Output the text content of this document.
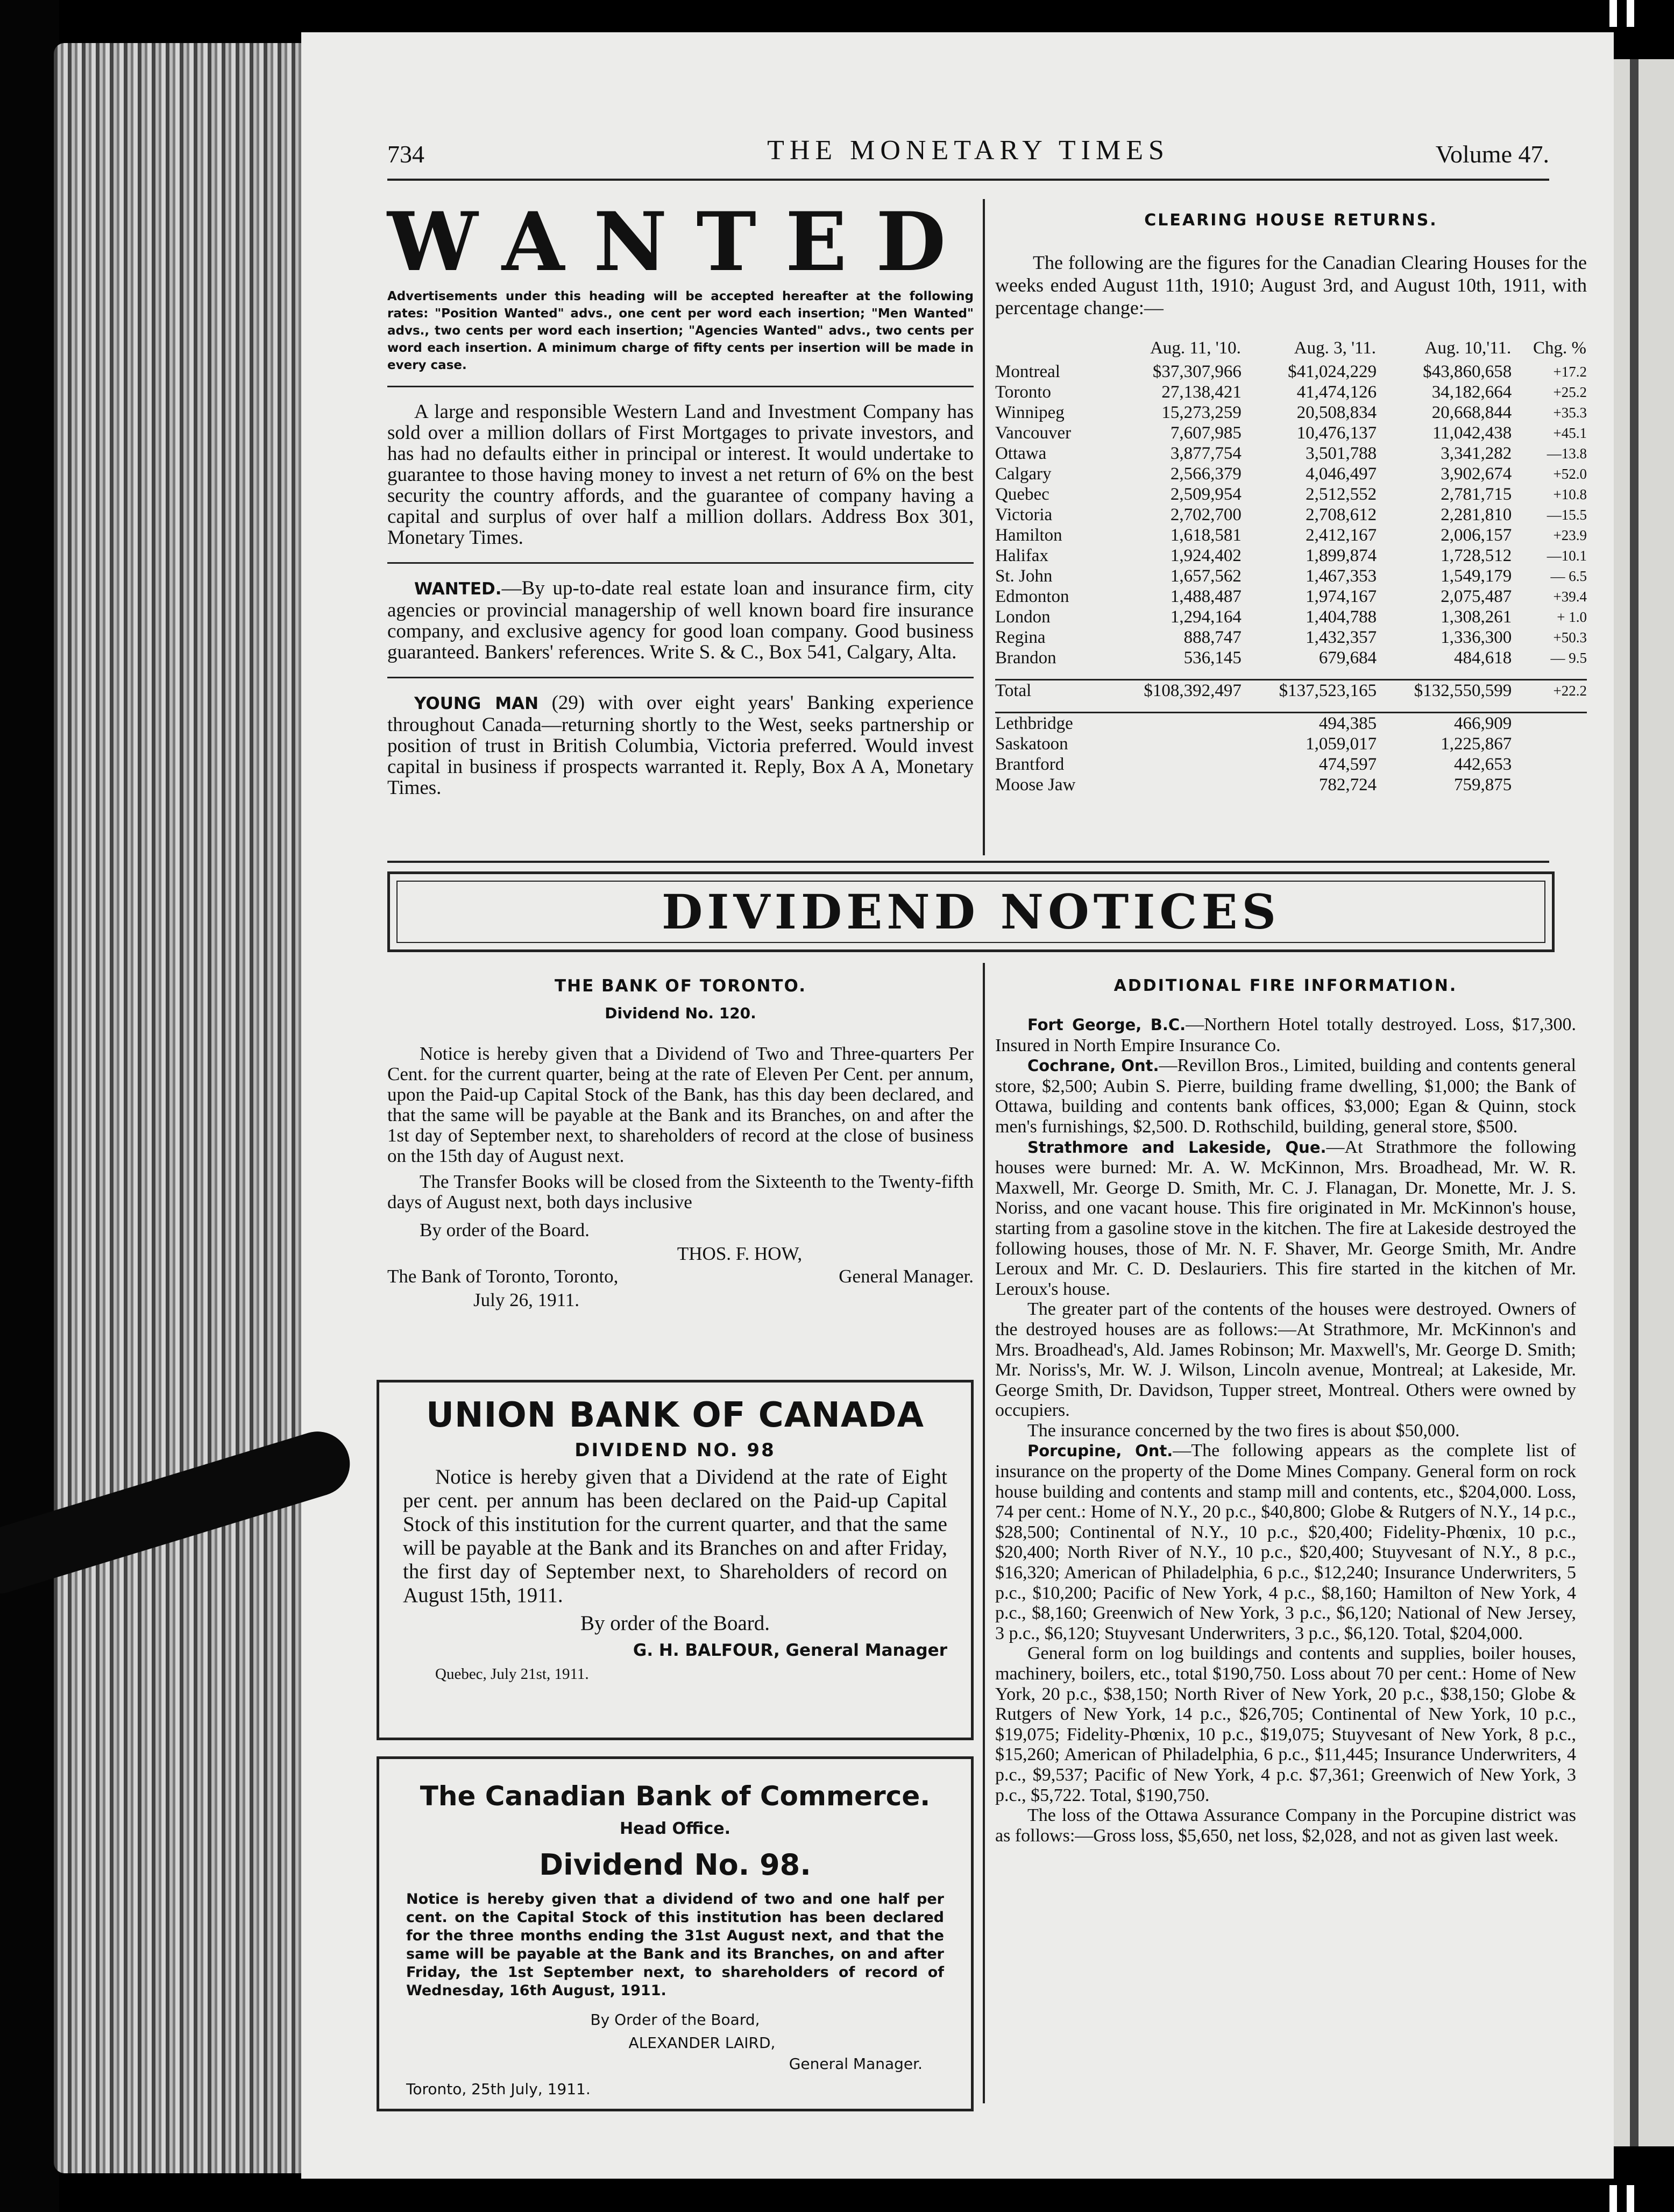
734	THE MONETARY TIMES	Volume 47.
WANTED

Advertisements under this heading will be accepted hereafter at the following rates: "Position Wanted" advs., one cent per word each insertion; "Men Wanted" advs., two cents per word each insertion; "Agencies Wanted" advs., two cents per word each insertion. A minimum charge of fifty cents per insertion will be made in every case.

A large and responsible Western Land and Investment Company has sold over a million dollars of First Mortgages to private investors, and has had no defaults either in principal or interest. It would undertake to guarantee to those having money to invest a net return of 6% on the best security the country affords, and the guarantee of company having a capital and surplus of over half a million dollars. Address Box 301, Monetary Times.

WANTED.—By up-to-date real estate loan and insurance firm, city agencies or provincial managership of well known board fire insurance company, and exclusive agency for good loan company. Good business guaranteed. Bankers' references. Write S. & C., Box 541, Calgary, Alta.

YOUNG MAN (29) with over eight years' Banking experience throughout Canada—returning shortly to the West, seeks partnership or position of trust in British Columbia, Victoria preferred. Would invest capital in business if prospects warranted it. Reply, Box A A, Monetary Times.

CLEARING HOUSE RETURNS.

The following are the figures for the Canadian Clearing Houses for the weeks ended August 11th, 1910; August 3rd, and August 10th, 1911, with percentage change:—

	Aug. 11, '10.	Aug. 3, '11.	Aug. 10,'11.	Chg. %
Montreal	$37,307,966	$41,024,229	$43,860,658	+17.2
Toronto	27,138,421	41,474,126	34,182,664	+25.2
Winnipeg	15,273,259	20,508,834	20,668,844	+35.3
Vancouver	7,607,985	10,476,137	11,042,438	+45.1
Ottawa	3,877,754	3,501,788	3,341,282	—13.8
Calgary	2,566,379	4,046,497	3,902,674	+52.0
Quebec	2,509,954	2,512,552	2,781,715	+10.8
Victoria	2,702,700	2,708,612	2,281,810	—15.5
Hamilton	1,618,581	2,412,167	2,006,157	+23.9
Halifax	1,924,402	1,899,874	1,728,512	—10.1
St. John	1,657,562	1,467,353	1,549,179	— 6.5
Edmonton	1,488,487	1,974,167	2,075,487	+39.4
London	1,294,164	1,404,788	1,308,261	+ 1.0
Regina	888,747	1,432,357	1,336,300	+50.3
Brandon	536,145	679,684	484,618	— 9.5

Total	$108,392,497	$137,523,165	$132,550,599	+22.2

Lethbridge		494,385	466,909	
Saskatoon		1,059,017	1,225,867	
Brantford		474,597	442,653	
Moose Jaw		782,724	759,875	
DIVIDEND NOTICES

THE BANK OF TORONTO.

Dividend No. 120.

Notice is hereby given that a Dividend of Two and Three-quarters Per Cent. for the current quarter, being at the rate of Eleven Per Cent. per annum, upon the Paid-up Capital Stock of the Bank, has this day been declared, and that the same will be payable at the Bank and its Branches, on and after the 1st day of September next, to shareholders of record at the close of business on the 15th day of August next.

The Transfer Books will be closed from the Sixteenth to the Twenty-fifth days of August next, both days inclusive

By order of the Board.

THOS. F. HOW,

The Bank of Toronto, Toronto,	General Manager.

July 26, 1911.

UNION BANK OF CANADA

DIVIDEND NO. 98

Notice is hereby given that a Dividend at the rate of Eight per cent. per annum has been declared on the Paid-up Capital Stock of this institution for the current quarter, and that the same will be payable at the Bank and its Branches on and after Friday, the first day of September next, to Shareholders of record on August 15th, 1911.

By order of the Board.

G. H. BALFOUR, General Manager

Quebec, July 21st, 1911.

The Canadian Bank of Commerce.

Head Office.

Dividend No. 98.

Notice is hereby given that a dividend of two and one half per cent. on the Capital Stock of this institution has been declared for the three months ending the 31st August next, and that the same will be payable at the Bank and its Branches, on and after Friday, the 1st September next, to shareholders of record of Wednesday, 16th August, 1911.

By Order of the Board,

ALEXANDER LAIRD,

General Manager.

Toronto, 25th July, 1911.

ADDITIONAL FIRE INFORMATION.

Fort George, B.C.—Northern Hotel totally destroyed. Loss, $17,300. Insured in North Empire Insurance Co.

Cochrane, Ont.—Revillon Bros., Limited, building and contents general store, $2,500; Aubin S. Pierre, building frame dwelling, $1,000; the Bank of Ottawa, building and contents bank offices, $3,000; Egan & Quinn, stock men's furnishings, $2,500. D. Rothschild, building, general store, $500.

Strathmore and Lakeside, Que.—At Strathmore the following houses were burned: Mr. A. W. McKinnon, Mrs. Broadhead, Mr. W. R. Maxwell, Mr. George D. Smith, Mr. C. J. Flanagan, Dr. Monette, Mr. J. S. Noriss, and one vacant house. This fire originated in Mr. McKinnon's house, starting from a gasoline stove in the kitchen. The fire at Lakeside destroyed the following houses, those of Mr. N. F. Shaver, Mr. George Smith, Mr. Andre Leroux and Mr. C. D. Deslauriers. This fire started in the kitchen of Mr. Leroux's house.

The greater part of the contents of the houses were destroyed. Owners of the destroyed houses are as follows:—At Strathmore, Mr. McKinnon's and Mrs. Broadhead's, Ald. James Robinson; Mr. Maxwell's, Mr. George D. Smith; Mr. Noriss's, Mr. W. J. Wilson, Lincoln avenue, Montreal; at Lakeside, Mr. George Smith, Dr. Davidson, Tupper street, Montreal. Others were owned by occupiers.

The insurance concerned by the two fires is about $50,000.

Porcupine, Ont.—The following appears as the complete list of insurance on the property of the Dome Mines Company. General form on rock house building and contents and stamp mill and contents, etc., $204,000. Loss, 74 per cent.: Home of N.Y., 20 p.c., $40,800; Globe & Rutgers of N.Y., 14 p.c., $28,500; Continental of N.Y., 10 p.c., $20,400; Fidelity-Phœnix, 10 p.c., $20,400; North River of N.Y., 10 p.c., $20,400; Stuyvesant of N.Y., 8 p.c., $16,320; American of Philadelphia, 6 p.c., $12,240; Insurance Underwriters, 5 p.c., $10,200; Pacific of New York, 4 p.c., $8,160; Hamilton of New York, 4 p.c., $8,160; Greenwich of New York, 3 p.c., $6,120; National of New Jersey, 3 p.c., $6,120; Stuyvesant Underwriters, 3 p.c., $6,120. Total, $204,000.

General form on log buildings and contents and supplies, boiler houses, machinery, boilers, etc., total $190,750. Loss about 70 per cent.: Home of New York, 20 p.c., $38,150; North River of New York, 20 p.c., $38,150; Globe & Rutgers of New York, 14 p.c., $26,705; Continental of New York, 10 p.c., $19,075; Fidelity-Phœnix, 10 p.c., $19,075; Stuyvesant of New York, 8 p.c., $15,260; American of Philadelphia, 6 p.c., $11,445; Insurance Underwriters, 4 p.c., $9,537; Pacific of New York, 4 p.c. $7,361; Greenwich of New York, 3 p.c., $5,722. Total, $190,750.

The loss of the Ottawa Assurance Company in the Porcupine district was as follows:—Gross loss, $5,650, net loss, $2,028, and not as given last week.
